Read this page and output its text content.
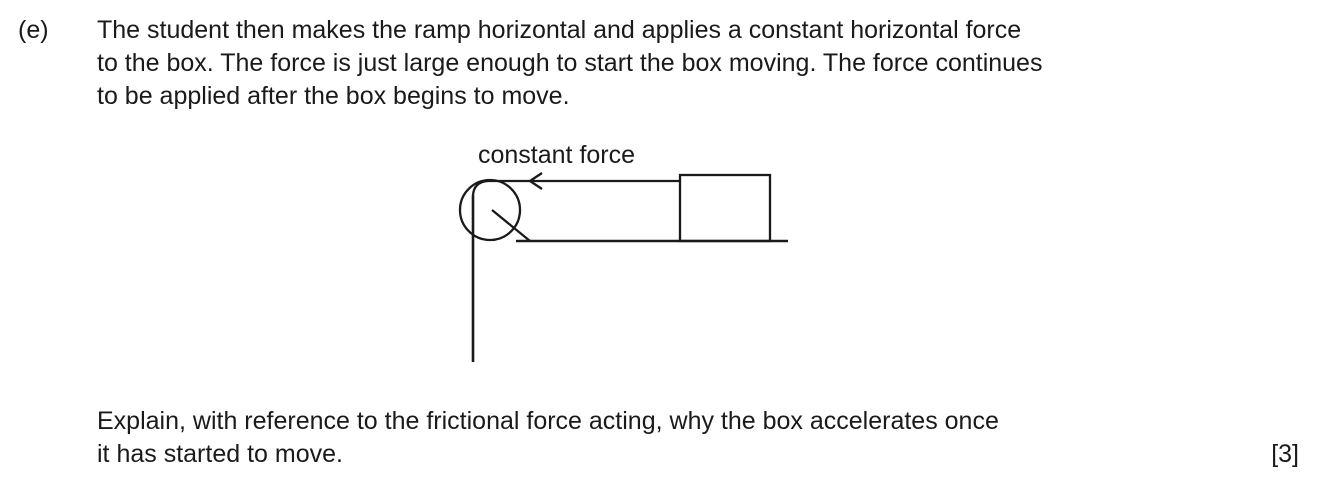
(e) The student then makes the ramp horizontal and applies a constant horizontal force

to the box. The force is just large enough to start the box moving. The force continues

to be applied after the box begins to move.

constant force

Explain, with reference to the frictional force acting, why the box accelerates once

it has started to move.	[3]
